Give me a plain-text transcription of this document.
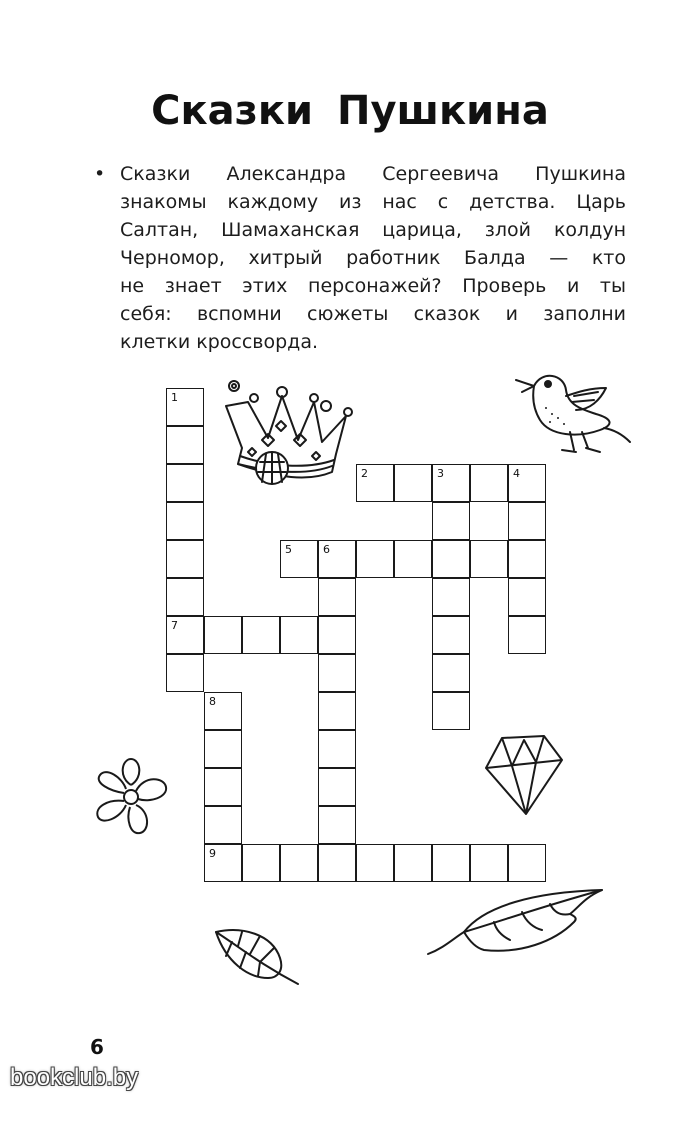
Сказки Пушкина
• Сказки Александра Сергеевича Пушкина
знакомы каждому из нас с детства. Царь
Салтан, Шамаханская царица, злой колдун
Черномор, хитрый работник Балда — кто
не знает этих персонажей? Проверь и ты
себя: вспомни сюжеты сказок и заполни
клетки кроссворда.
1
7
2	3	4
5	6
8
9
6
bookclub.by
